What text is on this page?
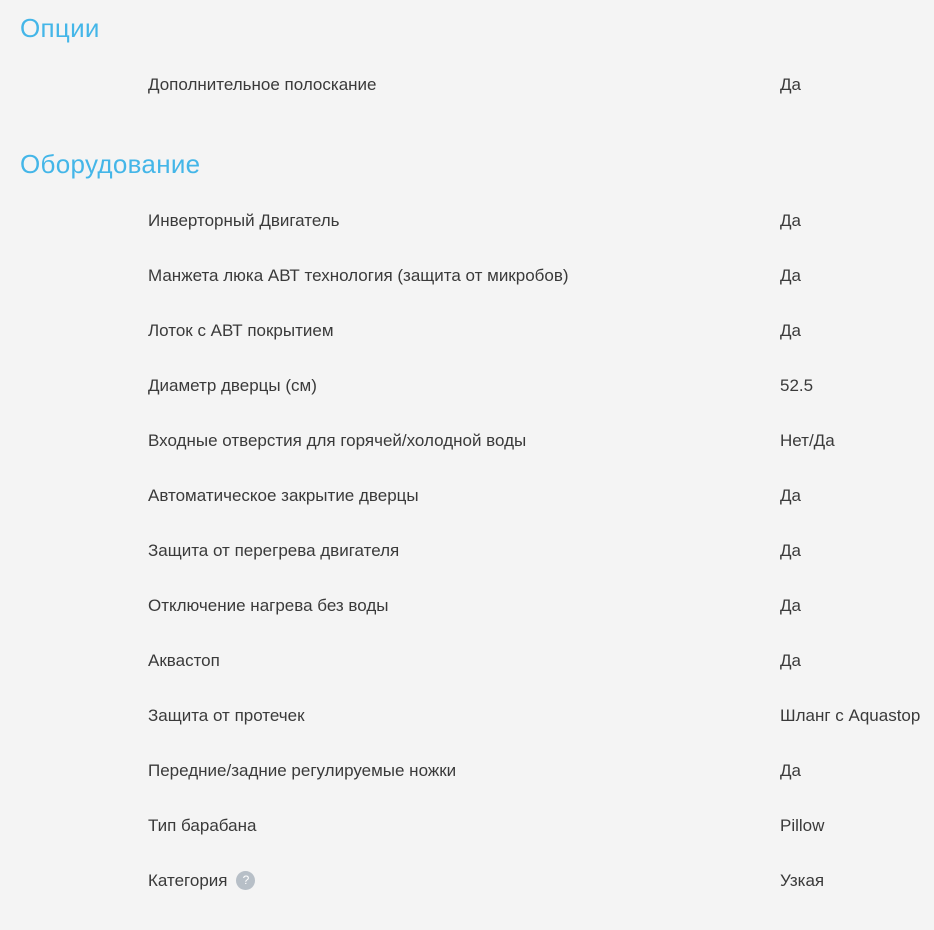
Опции
Дополнительное полоскание	Да
Оборудование
Инверторный Двигатель	Да
Манжета люка АВТ технология (защита от микробов)	Да
Лоток с АВТ покрытием	Да
Диаметр дверцы (см)	52.5
Входные отверстия для горячей/холодной воды	Нет/Да
Автоматическое закрытие дверцы	Да
Защита от перегрева двигателя	Да
Отключение нагрева без воды	Да
Аквастоп	Да
Защита от протечек	Шланг с Aquastop
Передние/задние регулируемые ножки	Да
Тип барабана	Pillow
Категория ?	Узкая
